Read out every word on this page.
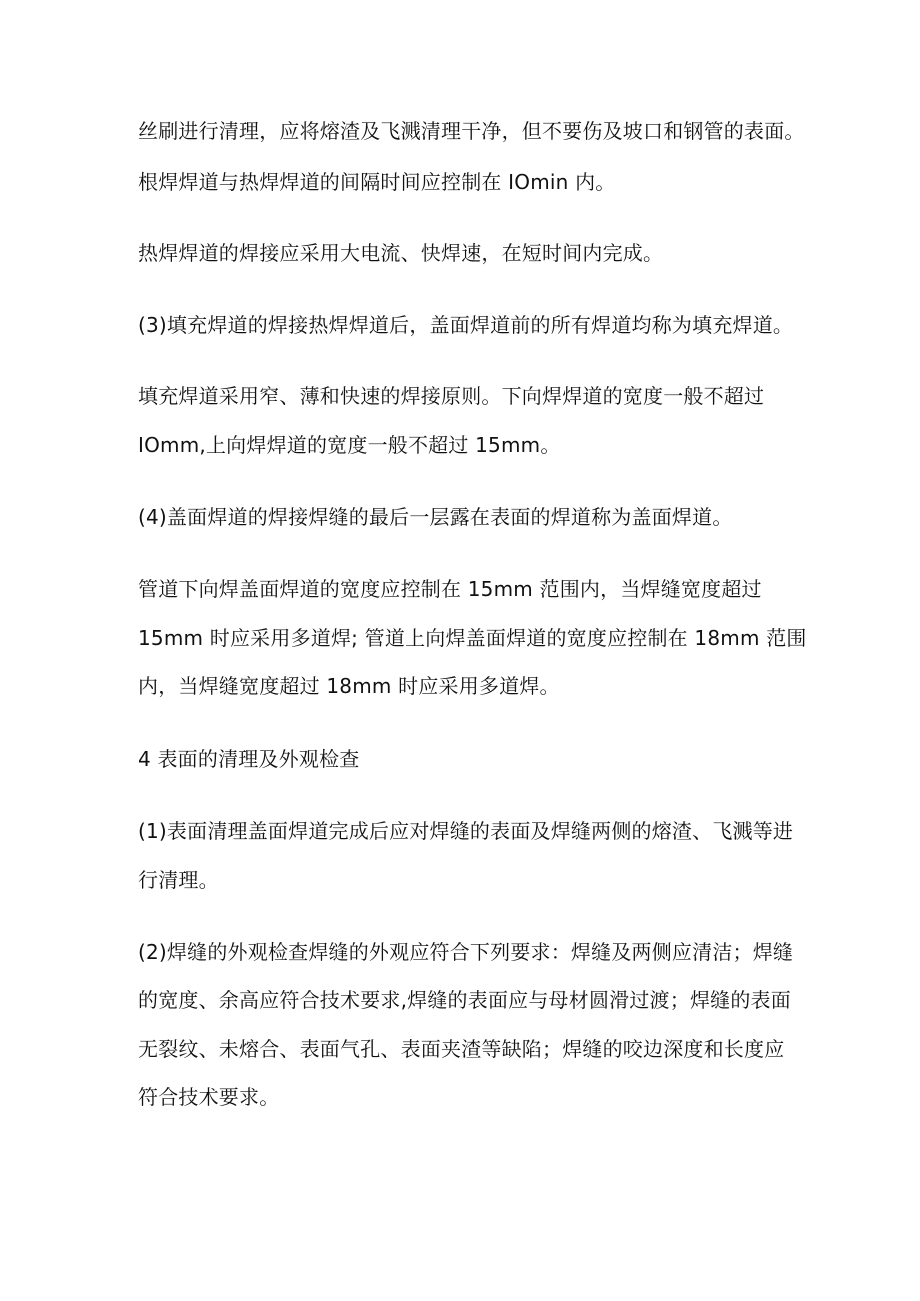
丝刷进行清理，应将熔渣及飞溅清理干净，但不要伤及坡口和钢管的表面。
根焊焊道与热焊焊道的间隔时间应控制在 IOmin 内。
热焊焊道的焊接应采用大电流、快焊速，在短时间内完成。
(3)填充焊道的焊接热焊焊道后，盖面焊道前的所有焊道均称为填充焊道。
填充焊道采用窄、薄和快速的焊接原则。下向焊焊道的宽度一般不超过
IOmm,上向焊焊道的宽度一般不超过 15mm。
(4)盖面焊道的焊接焊缝的最后一层露在表面的焊道称为盖面焊道。
管道下向焊盖面焊道的宽度应控制在 15mm 范围内，当焊缝宽度超过
15mm 时应采用多道焊; 管道上向焊盖面焊道的宽度应控制在 18mm 范围
内，当焊缝宽度超过 18mm 时应采用多道焊。
4 表面的清理及外观检查
(1)表面清理盖面焊道完成后应对焊缝的表面及焊缝两侧的熔渣、飞溅等进
行清理。
(2)焊缝的外观检查焊缝的外观应符合下列要求：焊缝及两侧应清洁；焊缝
的宽度、余高应符合技术要求,焊缝的表面应与母材圆滑过渡；焊缝的表面
无裂纹、未熔合、表面气孔、表面夹渣等缺陷；焊缝的咬边深度和长度应
符合技术要求。
